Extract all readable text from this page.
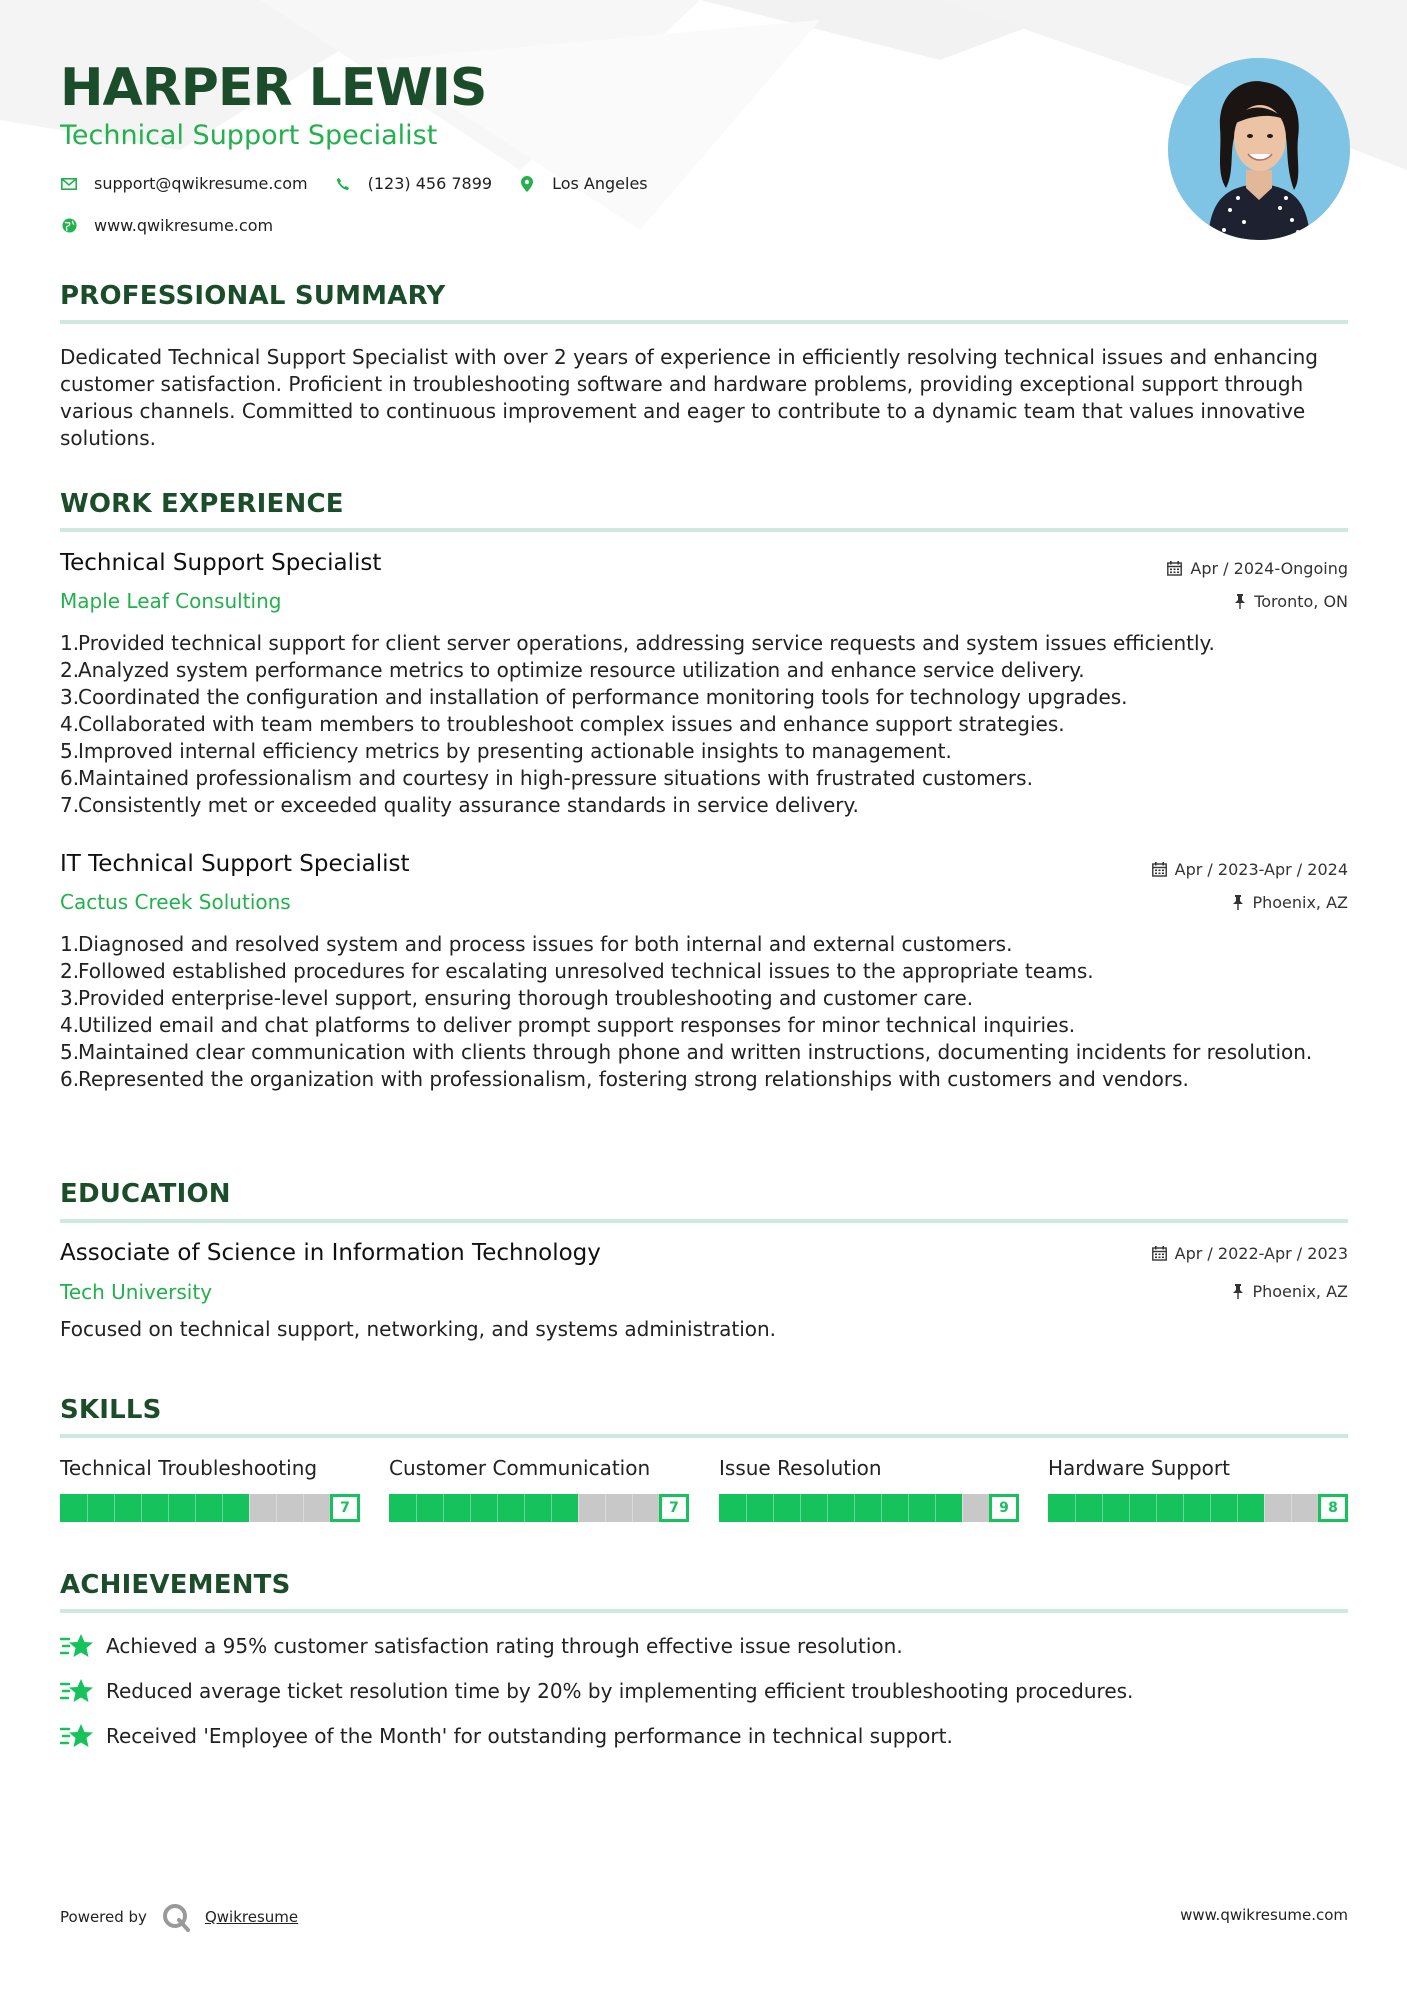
HARPER LEWIS
Technical Support Specialist
support@qwikresume.com	(123) 456 7899	Los Angeles
www.qwikresume.com
PROFESSIONAL SUMMARY
Dedicated Technical Support Specialist with over 2 years of experience in efficiently resolving technical issues and enhancing customer satisfaction. Proficient in troubleshooting software and hardware problems, providing exceptional support through various channels. Committed to continuous improvement and eager to contribute to a dynamic team that values innovative solutions.
WORK EXPERIENCE
Technical Support Specialist
Maple Leaf Consulting
Apr / 2024-Ongoing
Toronto, ON
1.
Provided technical support for client server operations, addressing service requests and system issues efficiently.
2.
Analyzed system performance metrics to optimize resource utilization and enhance service delivery.
3.
Coordinated the configuration and installation of performance monitoring tools for technology upgrades.
4.
Collaborated with team members to troubleshoot complex issues and enhance support strategies.
5.
Improved internal efficiency metrics by presenting actionable insights to management.
6.
Maintained professionalism and courtesy in high-pressure situations with frustrated customers.
7.
Consistently met or exceeded quality assurance standards in service delivery.
IT Technical Support Specialist
Cactus Creek Solutions
Apr / 2023-Apr / 2024
Phoenix, AZ
1.
Diagnosed and resolved system and process issues for both internal and external customers.
2.
Followed established procedures for escalating unresolved technical issues to the appropriate teams.
3.
Provided enterprise-level support, ensuring thorough troubleshooting and customer care.
4.
Utilized email and chat platforms to deliver prompt support responses for minor technical inquiries.
5.
Maintained clear communication with clients through phone and written instructions, documenting incidents for resolution.
6.
Represented the organization with professionalism, fostering strong relationships with customers and vendors.
EDUCATION
Associate of Science in Information Technology
Tech University
Apr / 2022-Apr / 2023
Phoenix, AZ
Focused on technical support, networking, and systems administration.
SKILLS
Technical Troubleshooting
7
Customer Communication
7
Issue Resolution
9
Hardware Support
8
ACHIEVEMENTS
Achieved a 95% customer satisfaction rating through effective issue resolution.
Reduced average ticket resolution time by 20% by implementing efficient troubleshooting procedures.
Received 'Employee of the Month' for outstanding performance in technical support.
Powered by	Qwikresume	www.qwikresume.com
